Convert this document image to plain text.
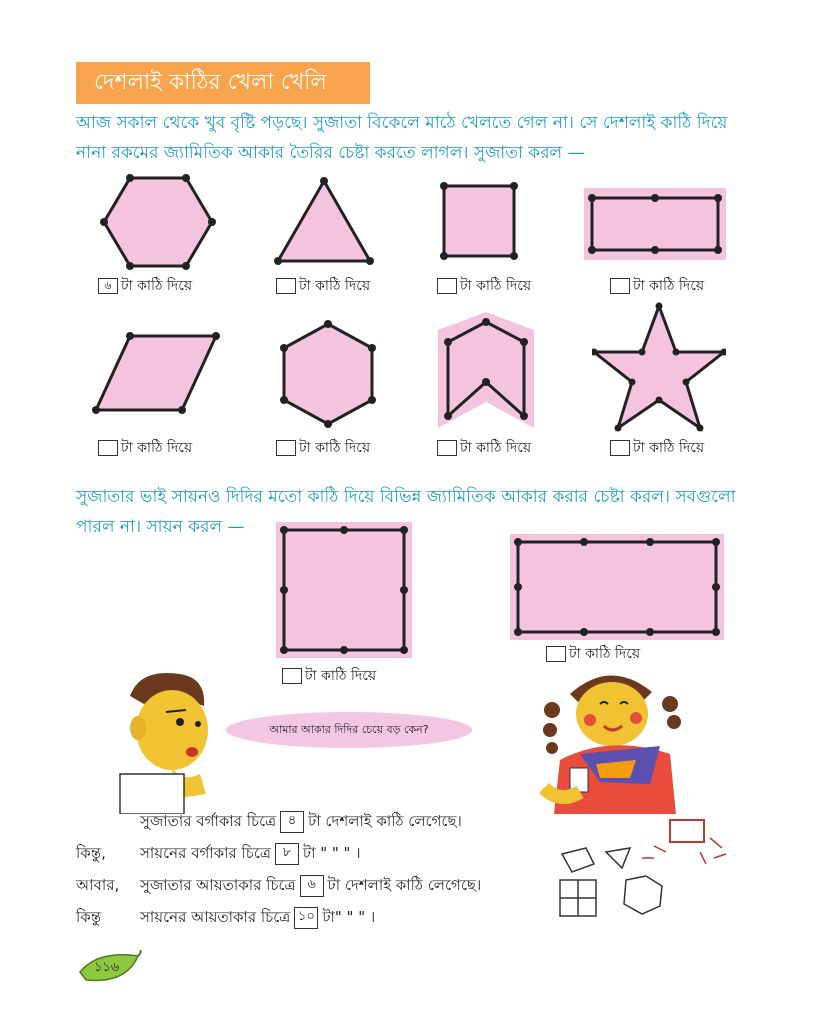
দেশলাই কাঠির খেলা খেলি
আজ সকাল থেকে খুব বৃষ্টি পড়ছে। সুজাতা বিকেলে মাঠে খেলতে গেল না। সে দেশলাই কাঠি দিয়ে
নানা রকমের জ্যামিতিক আকার তৈরির চেষ্টা করতে লাগল। সুজাতা করল —
৬ টা কাঠি দিয়ে	টা কাঠি দিয়ে	টা কাঠি দিয়ে	টা কাঠি দিয়ে
টা কাঠি দিয়ে	টা কাঠি দিয়ে	টা কাঠি দিয়ে	টা কাঠি দিয়ে
সুজাতার ভাই সায়নও দিদির মতো কাঠি দিয়ে বিভিন্ন জ্যামিতিক আকার করার চেষ্টা করল। সবগুলো
পারল না। সায়ন করল —
টা কাঠি দিয়ে
টা কাঠি দিয়ে
আমার আকার দিদির চেয়ে বড় কেন?
সুজাতার বর্গাকার চিত্রে ৪ টা দেশলাই কাঠি লেগেছে।
কিন্তু, সায়নের বর্গাকার চিত্রে ৮ টা " " " ।
আবার, সুজাতার আয়তাকার চিত্রে ৬ টা দেশলাই কাঠি লেগেছে।
কিন্তু	সায়নের আয়তাকার চিত্রে ১০ টা" " " ।
১১৬
